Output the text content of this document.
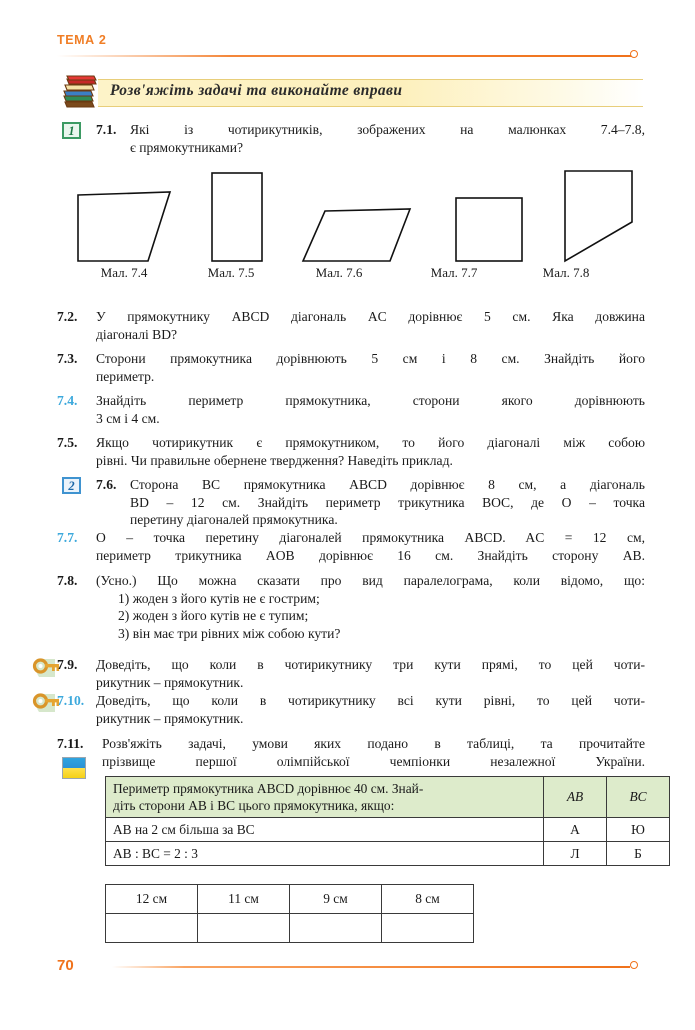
ТЕМА 2
Розв'яжіть задачі та виконайте вправи
1	7.1. Які із чотирикутників, зображених на малюнках 7.4–7.8,
є прямокутниками?
Мал. 7.4	Мал. 7.5	Мал. 7.6	Мал. 7.7	Мал. 7.8
7.2. У прямокутнику ABCD діагональ AC дорівнює 5 см. Яка довжина
діагоналі BD?
7.3. Сторони прямокутника дорівнюють 5 см і 8 см. Знайдіть його
периметр.
7.4. Знайдіть периметр прямокутника, сторони якого дорівнюють
3 см і 4 см.
7.5. Якщо чотирикутник є прямокутником, то його діагоналі між собою
рівні. Чи правильне обернене твердження? Наведіть приклад.
2	7.6. Сторона BC прямокутника ABCD дорівнює 8 см, а діагональ
BD – 12 см. Знайдіть периметр трикутника BOC, де O – точка
перетину діагоналей прямокутника.
7.7. O – точка перетину діагоналей прямокутника ABCD. AC = 12 см,
периметр трикутника AOB дорівнює 16 см. Знайдіть сторону AB.
7.8. (Усно.) Що можна сказати про вид паралелограма, коли відомо, що:
1) жоден з його кутів не є гострим;
2) жоден з його кутів не є тупим;
3) він має три рівних між собою кути?
7.9. Доведіть, що коли в чотирикутнику три кути прямі, то цей чоти-
рикутник – прямокутник.
7.10. Доведіть, що коли в чотирикутнику всі кути рівні, то цей чоти-
рикутник – прямокутник.
7.11. Розв'яжіть задачі, умови яких подано в таблиці, та прочитайте
прізвище першої олімпійської чемпіонки незалежної України.
Периметр прямокутника ABCD дорівнює 40 см. Знай-
діть сторони AB і BC цього прямокутника, якщо:	AB	BC
AB на 2 см більша за BC	А	Ю
AB : BC = 2 : 3	Л	Б
12 см	11 см	9 см	8 см

70
